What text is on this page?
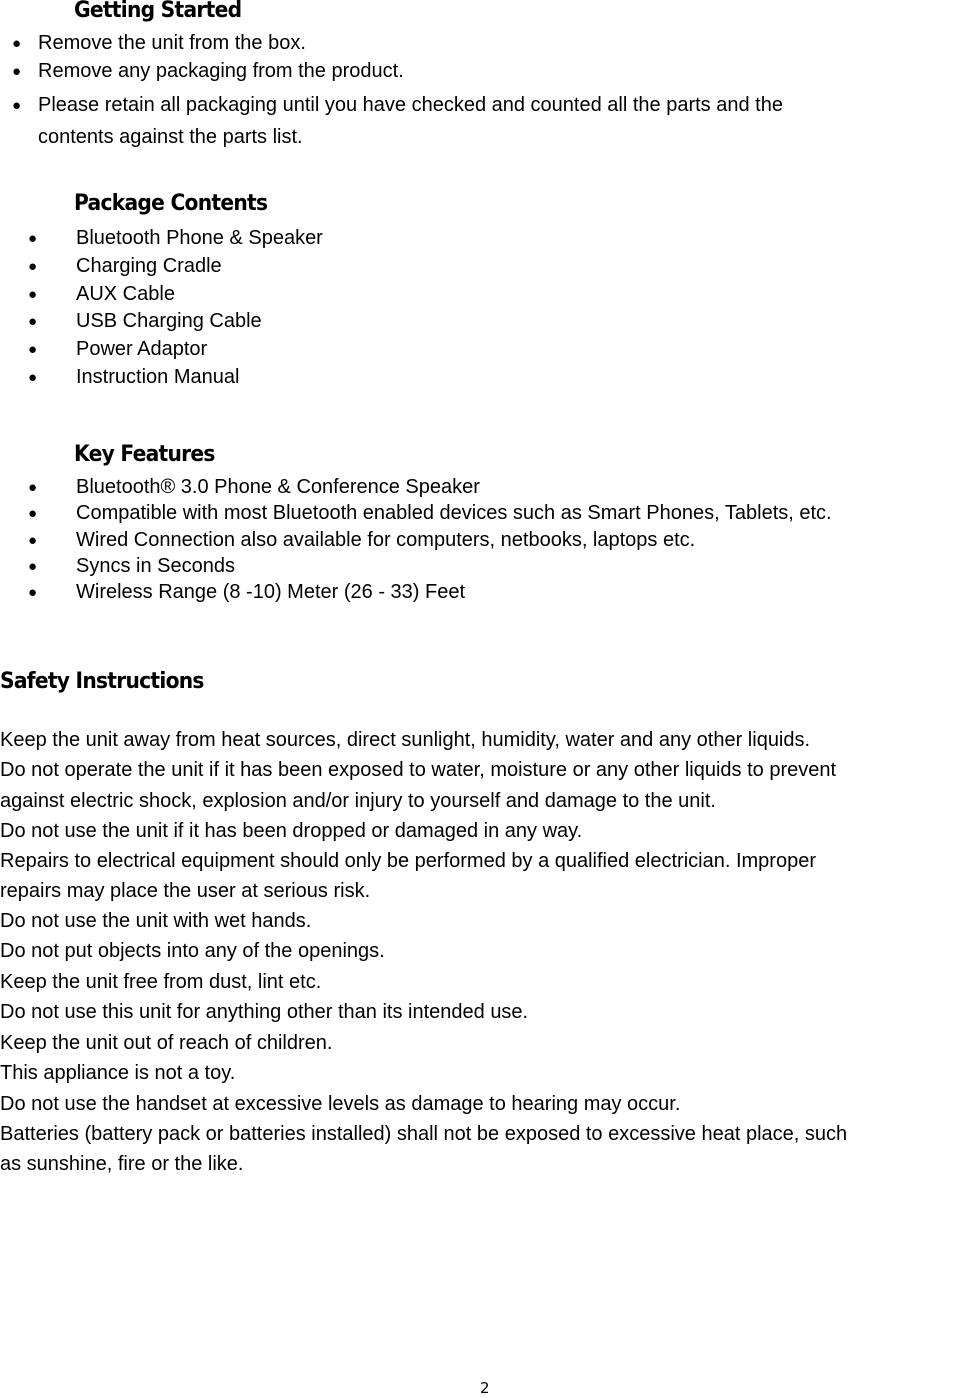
Getting Started
● Remove the unit from the box.
● Remove any packaging from the product.
● Please retain all packaging until you have checked and counted all the parts and the
contents against the parts list.
Package Contents
● Bluetooth Phone & Speaker
● Charging Cradle
● AUX Cable
● USB Charging Cable
● Power Adaptor
● Instruction Manual
Key Features
● Bluetooth® 3.0 Phone & Conference Speaker
● Compatible with most Bluetooth enabled devices such as Smart Phones, Tablets, etc.
● Wired Connection also available for computers, netbooks, laptops etc.
● Syncs in Seconds
● Wireless Range (8 -10) Meter (26 - 33) Feet
Safety Instructions
Keep the unit away from heat sources, direct sunlight, humidity, water and any other liquids.
Do not operate the unit if it has been exposed to water, moisture or any other liquids to prevent
against electric shock, explosion and/or injury to yourself and damage to the unit.
Do not use the unit if it has been dropped or damaged in any way.
Repairs to electrical equipment should only be performed by a qualified electrician. Improper
repairs may place the user at serious risk.
Do not use the unit with wet hands.
Do not put objects into any of the openings.
Keep the unit free from dust, lint etc.
Do not use this unit for anything other than its intended use.
Keep the unit out of reach of children.
This appliance is not a toy.
Do not use the handset at excessive levels as damage to hearing may occur.
Batteries (battery pack or batteries installed) shall not be exposed to excessive heat place, such
as sunshine, fire or the like.
2
